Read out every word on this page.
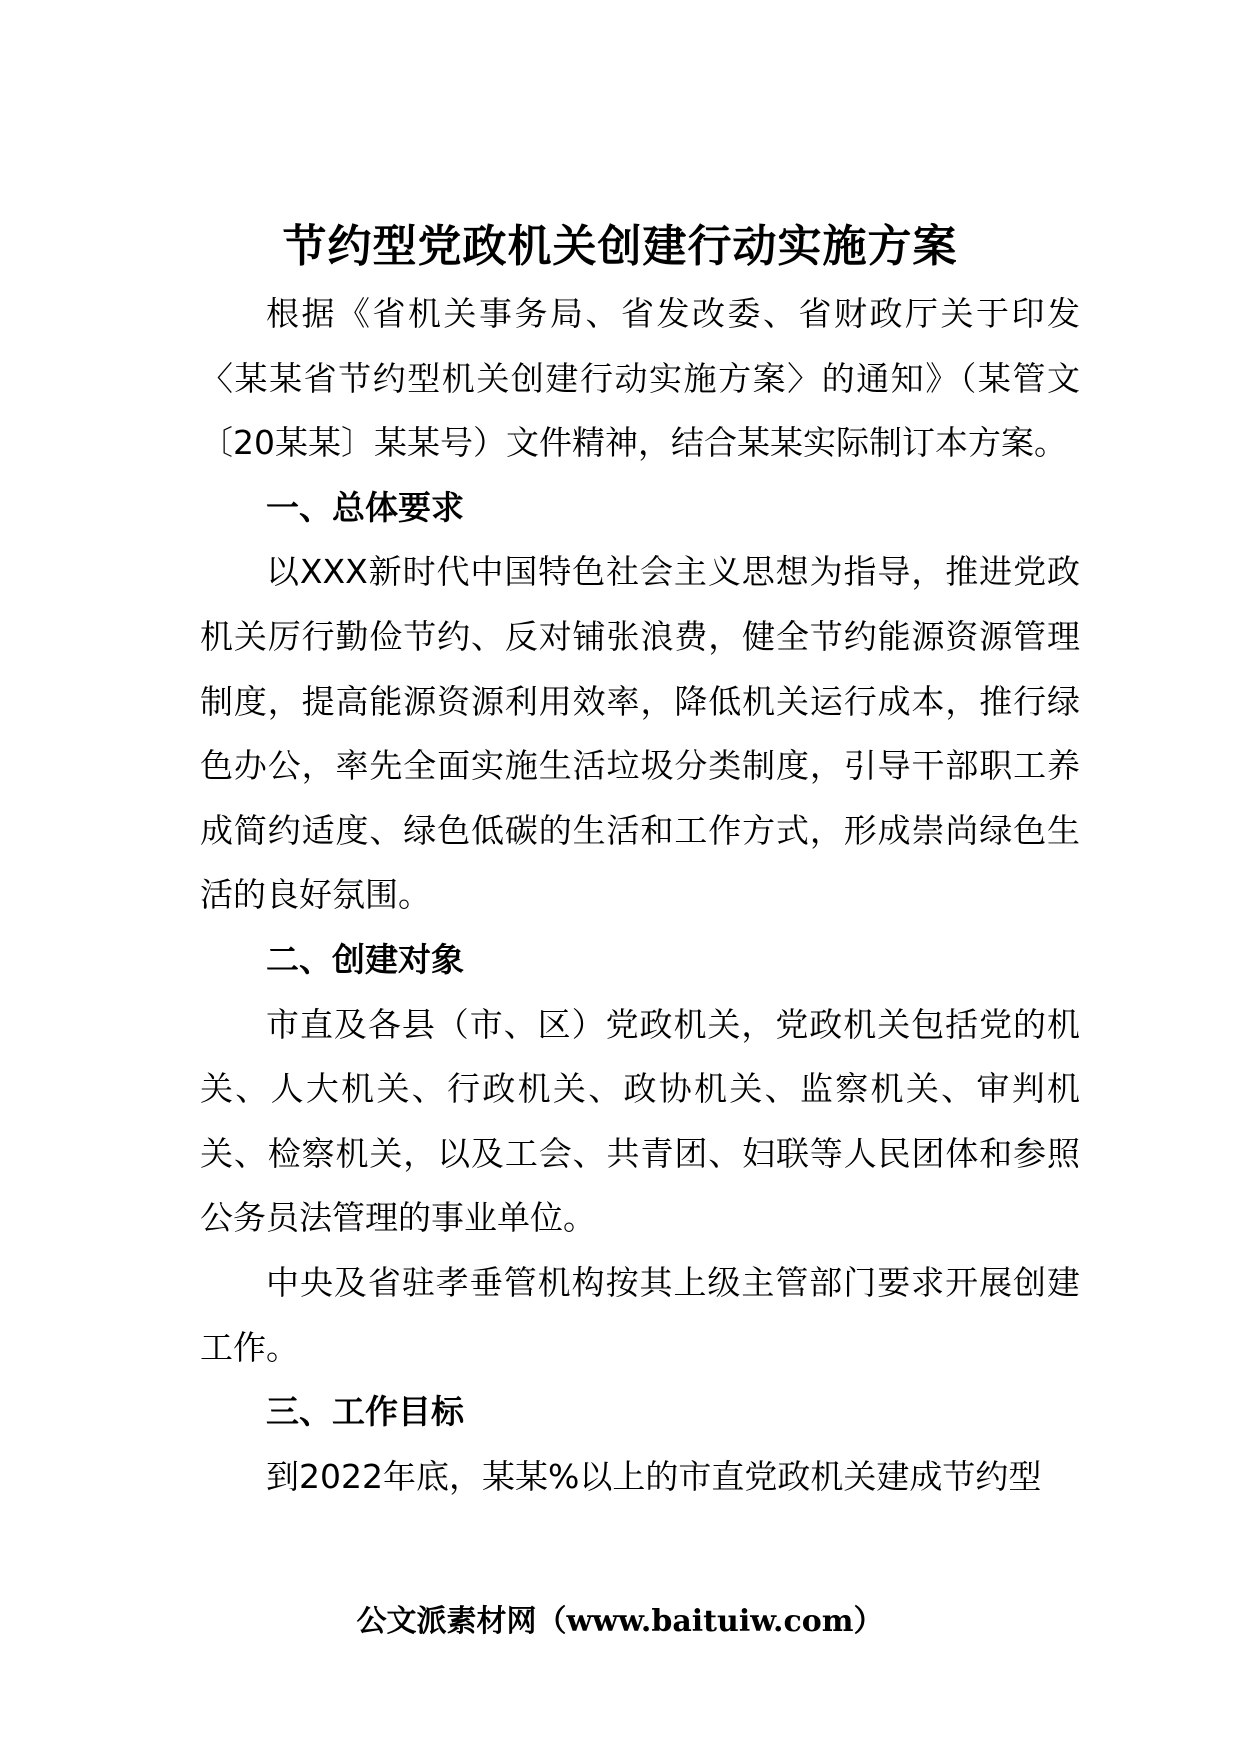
节约型党政机关创建行动实施方案

根据《省机关事务局、省发改委、省财政厅关于印发〈某某省节约型机关创建行动实施方案〉的通知》（某管文〔20某某〕某某号）文件精神，结合某某实际制订本方案。

一、总体要求

以XXX新时代中国特色社会主义思想为指导，推进党政机关厉行勤俭节约、反对铺张浪费，健全节约能源资源管理制度，提高能源资源利用效率，降低机关运行成本，推行绿色办公，率先全面实施生活垃圾分类制度，引导干部职工养成简约适度、绿色低碳的生活和工作方式，形成崇尚绿色生活的良好氛围。

二、创建对象

市直及各县（市、区）党政机关，党政机关包括党的机关、人大机关、行政机关、政协机关、监察机关、审判机关、检察机关，以及工会、共青团、妇联等人民团体和参照公务员法管理的事业单位。

中央及省驻孝垂管机构按其上级主管部门要求开展创建工作。

三、工作目标

到2022年底，某某%以上的市直党政机关建成节约型

公文派素材网（www.baituiw.com）
